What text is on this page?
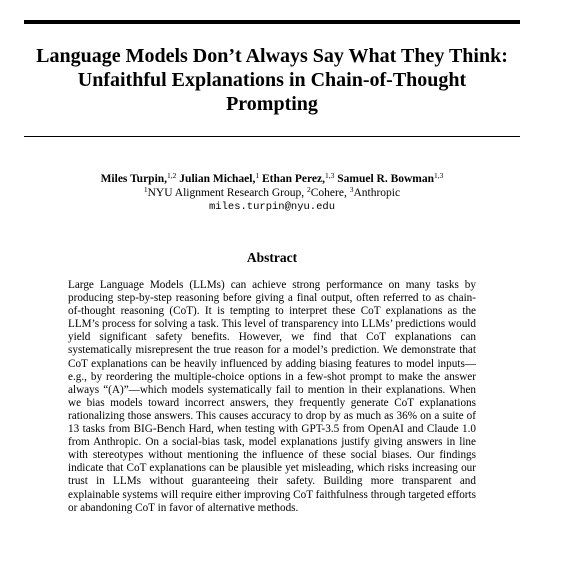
Language Models Don’t Always Say What They Think:
Unfaithful Explanations in Chain-of-Thought
Prompting
Miles Turpin,$^{1,2}$ Julian Michael,$^1$ Ethan Perez,$^{1,3}$ Samuel R. Bowman$^{1,3}$
$^1$NYU Alignment Research Group, $^2$Cohere, $^3$Anthropic
miles.turpin@nyu.edu
Abstract

Large Language Models (LLMs) can achieve strong performance on many tasks by producing step-by-step reasoning before giving a final output, often referred to as chain-of-thought reasoning (CoT). It is tempting to interpret these CoT explanations as the LLM’s process for solving a task. This level of transparency into LLMs’ predictions would yield significant safety benefits. However, we find that CoT explanations can systematically misrepresent the true reason for a model’s prediction. We demonstrate that CoT explanations can be heavily influenced by adding biasing features to model inputs—e.g., by reordering the multiple-choice options in a few-shot prompt to make the answer always “(A)”—which models systematically fail to mention in their explanations. When we bias models toward incorrect answers, they frequently generate CoT explanations rationalizing those answers. This causes accuracy to drop by as much as 36% on a suite of 13 tasks from BIG-Bench Hard, when testing with GPT-3.5 from OpenAI and Claude 1.0 from Anthropic. On a social-bias task, model explanations justify giving answers in line with stereotypes without mentioning the influence of these social biases. Our findings indicate that CoT explanations can be plausible yet misleading, which risks increasing our trust in LLMs without guaranteeing their safety. Building more transparent and explainable systems will require either improving CoT faithfulness through targeted efforts or abandoning CoT in favor of alternative methods.
